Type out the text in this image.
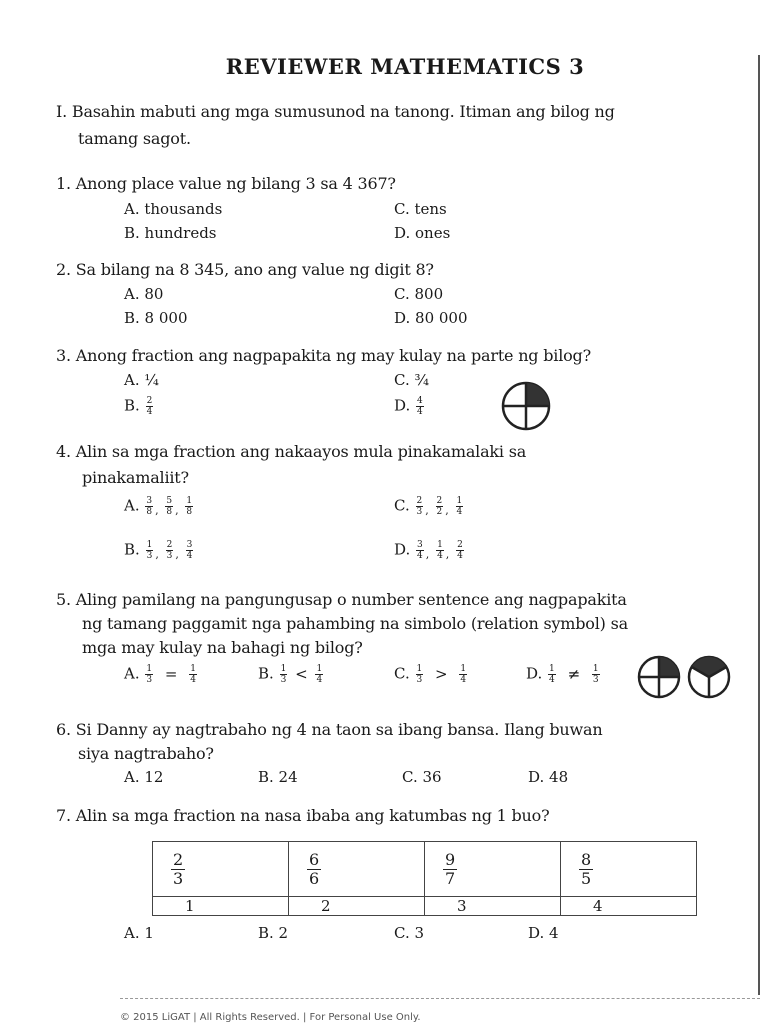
REVIEWER MATHEMATICS 3
I. Basahin mabuti ang mga sumusunod na tanong. Itiman ang bilog ng
tamang sagot.
1. Anong place value ng bilang 3 sa 4 367?
A. thousands	C. tens
B. hundreds	D. ones
2. Sa bilang na 8 345, ano ang value ng digit 8?
A. 80	C. 800
B. 8 000	D. 80 000
3. Anong fraction ang nagpapakita ng may kulay na parte ng bilog?
A. ¼	C. ¾
B. $\frac{2}{4}$	D. $\frac{4}{4}$
4. Alin sa mga fraction ang nakaayos mula pinakamalaki sa
pinakamaliit?
A. $\frac{3}{8}$ , $\frac{5}{8}$ , $\frac{1}{8}$	C. $\frac{2}{3}$ , $\frac{2}{2}$ , $\frac{1}{4}$
B. $\frac{1}{3}$ , $\frac{2}{3}$ , $\frac{3}{4}$	D. $\frac{3}{4}$ , $\frac{1}{4}$ , $\frac{2}{4}$
5. Aling pamilang na pangungusap o number sentence ang nagpapakita
ng tamang paggamit nga pahambing na simbolo (relation symbol) sa
mga may kulay na bahagi ng bilog?
A. $\frac{1}{3} = \frac{1}{4}$	B. $\frac{1}{3} < \frac{1}{4}$	C. $\frac{1}{3} > \frac{1}{4}$	D. $\frac{1}{4} \ne \frac{1}{3}$
6. Si Danny ay nagtrabaho ng 4 na taon sa ibang bansa. Ilang buwan
siya nagtrabaho?
A. 12	B. 24	C. 36	D. 48
7. Alin sa mga fraction na nasa ibaba ang katumbas ng 1 buo?
$\frac{2}{3}$	$\frac{6}{6}$	$\frac{9}{7}$	$\frac{8}{5}$

1	2	3	4
A. 1	B. 2	C. 3	D. 4
© 2015 LiGAT | All Rights Reserved. | For Personal Use Only.
